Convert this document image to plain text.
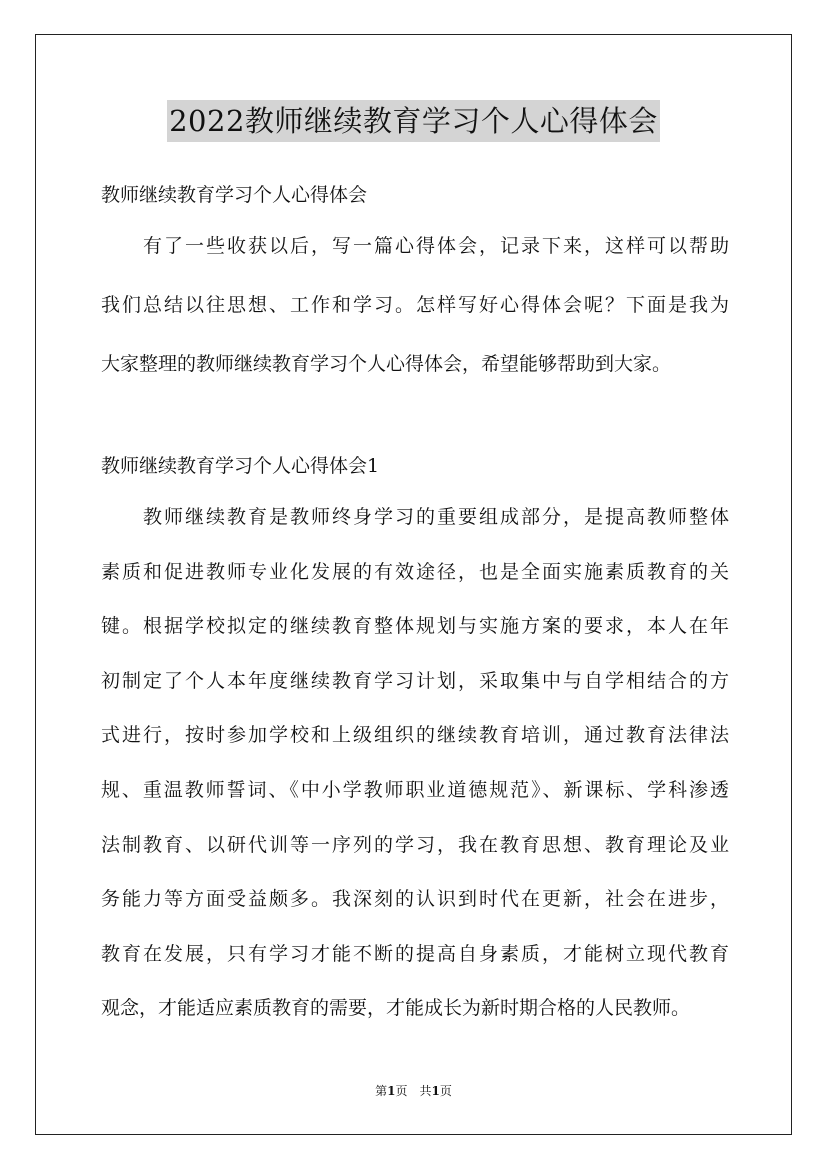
2022教师继续教育学习个人心得体会
教师继续教育学习个人心得体会
有了一些收获以后，写一篇心得体会，记录下来，这样可以帮助
我们总结以往思想、工作和学习。怎样写好心得体会呢？下面是我为
大家整理的教师继续教育学习个人心得体会，希望能够帮助到大家。
教师继续教育学习个人心得体会1
教师继续教育是教师终身学习的重要组成部分，是提高教师整体
素质和促进教师专业化发展的有效途径，也是全面实施素质教育的关
键。根据学校拟定的继续教育整体规划与实施方案的要求，本人在年
初制定了个人本年度继续教育学习计划，采取集中与自学相结合的方
式进行，按时参加学校和上级组织的继续教育培训，通过教育法律法
规、重温教师誓词、《中小学教师职业道德规范》、新课标、学科渗透
法制教育、以研代训等一序列的学习，我在教育思想、教育理论及业
务能力等方面受益颇多。我深刻的认识到时代在更新，社会在进步，
教育在发展，只有学习才能不断的提高自身素质，才能树立现代教育
观念，才能适应素质教育的需要，才能成长为新时期合格的人民教师。
第1页 共1页
